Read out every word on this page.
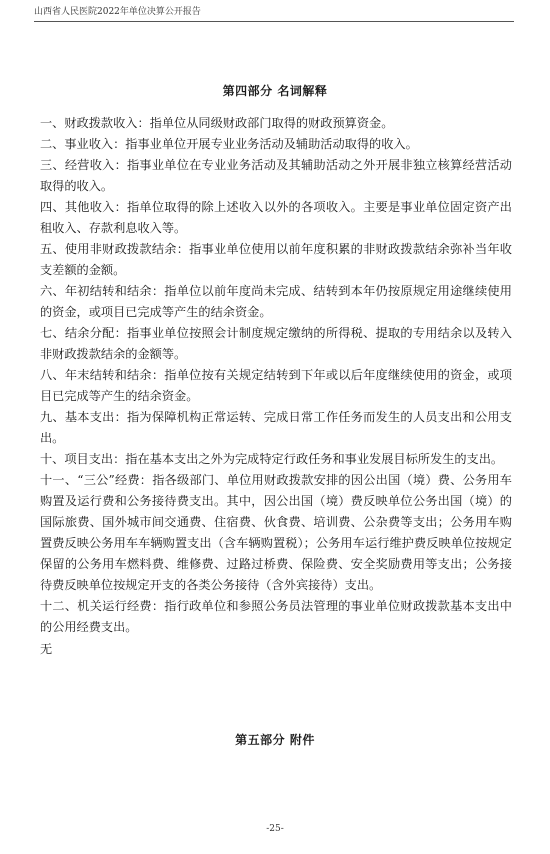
山西省人民医院2022年单位决算公开报告
第四部分 名词解释

一、财政拨款收入：指单位从同级财政部门取得的财政预算资金。

二、事业收入：指事业单位开展专业业务活动及辅助活动取得的收入。

三、经营收入：指事业单位在专业业务活动及其辅助活动之外开展非独立核算经营活动取得的收入。

四、其他收入：指单位取得的除上述收入以外的各项收入。主要是事业单位固定资产出租收入、存款利息收入等。

五、使用非财政拨款结余：指事业单位使用以前年度积累的非财政拨款结余弥补当年收支差额的金额。

六、年初结转和结余：指单位以前年度尚未完成、结转到本年仍按原规定用途继续使用的资金，或项目已完成等产生的结余资金。

七、结余分配：指事业单位按照会计制度规定缴纳的所得税、提取的专用结余以及转入非财政拨款结余的金额等。

八、年末结转和结余：指单位按有关规定结转到下年或以后年度继续使用的资金，或项目已完成等产生的结余资金。

九、基本支出：指为保障机构正常运转、完成日常工作任务而发生的人员支出和公用支出。

十、项目支出：指在基本支出之外为完成特定行政任务和事业发展目标所发生的支出。

十一、“三公”经费：指各级部门、单位用财政拨款安排的因公出国（境）费、公务用车购置及运行费和公务接待费支出。其中，因公出国（境）费反映单位公务出国（境）的国际旅费、国外城市间交通费、住宿费、伙食费、培训费、公杂费等支出；公务用车购置费反映公务用车车辆购置支出（含车辆购置税）；公务用车运行维护费反映单位按规定保留的公务用车燃料费、维修费、过路过桥费、保险费、安全奖励费用等支出；公务接待费反映单位按规定开支的各类公务接待（含外宾接待）支出。

十二、机关运行经费：指行政单位和参照公务员法管理的事业单位财政拨款基本支出中的公用经费支出。

无

第五部分 附件
-25-
